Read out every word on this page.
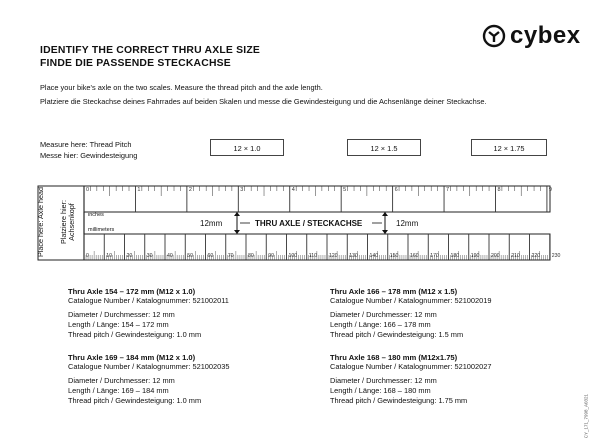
cybex
IDENTIFY THE CORRECT THRU AXLE SIZE
FINDE DIE PASSENDE STECKACHSE
Place your bike's axle on the two scales. Measure the thread pitch and the axle length.
Platziere die Steckachse deines Fahrrades auf beiden Skalen und messe die Gewindesteigung und die Achsenlänge deiner Steckachse.
Measure here: Thread Pitch
Messe hier: Gewindesteigung
12 × 1.0	12 × 1.5	12 × 1.75
Place here: Axle head Platziere hier: Achsenkopf inches
millimeters
12mm	THRU AXLE / STECKACHSE	12mm
0	1	2	3	4	5	6	7	8	9
0	10	20	30	40	50	60	70	80	90	100 110 120 130 140 150 160 170 180 190 200 210 220 230
Thru Axle 154 – 172 mm (M12 x 1.0)
Catalogue Number / Katalognummer: 521002011
Diameter / Durchmesser: 12 mm
Length / Länge: 154 – 172 mm
Thread pitch / Gewindesteigung: 1.0 mm
Thru Axle 166 – 178 mm (M12 x 1.5)
Catalogue Number / Katalognummer: 521002019
Diameter / Durchmesser: 12 mm
Length / Länge: 166 – 178 mm
Thread pitch / Gewindesteigung: 1.5 mm
Thru Axle 169 – 184 mm (M12 x 1.0)
Catalogue Number / Katalognummer: 521002035
Diameter / Durchmesser: 12 mm
Length / Länge: 169 – 184 mm
Thread pitch / Gewindesteigung: 1.0 mm
Thru Axle 168 – 180 mm (M12x1.75)
Catalogue Number / Katalognummer: 521002027
Diameter / Durchmesser: 12 mm
Length / Länge: 168 – 180 mm
Thread pitch / Gewindesteigung: 1.75 mm	CY_171_7998_A0321
